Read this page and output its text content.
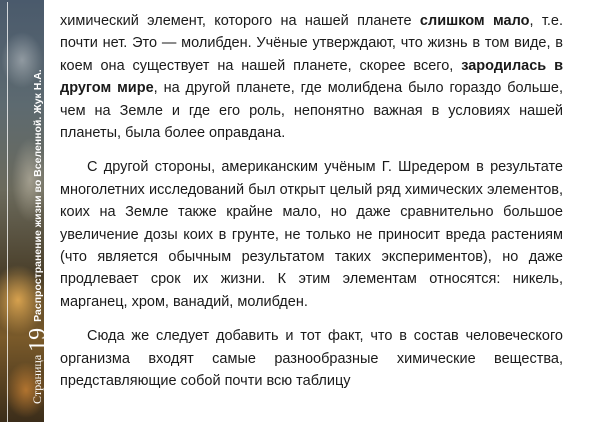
Страница
19
Распространение жизни во Вселенной. Жук Н.А.

химический элемент, которого на нашей планете слишком мало, т.е. почти нет. Это — молибден. Учёные утверждают, что жизнь в том виде, в коем она существует на нашей планете, скорее всего, зародилась в другом мире, на другой планете, где молибдена было гораздо больше, чем на Земле и где его роль, непонятно важная в условиях нашей планеты, была более оправдана.

С другой стороны, американским учёным Г. Шредером в результате многолетних исследований был открыт целый ряд химических элементов, коих на Земле также крайне мало, но даже сравнительно большое увеличение дозы коих в грунте, не только не приносит вреда растениям (что является обычным результатом таких экспериментов), но даже продлевает срок их жизни. К этим элементам относятся: никель, марганец, хром, ванадий, молибден.

Сюда же следует добавить и тот факт, что в состав человеческого организма входят самые разнообразные химические вещества, представляющие собой почти всю таблицу
